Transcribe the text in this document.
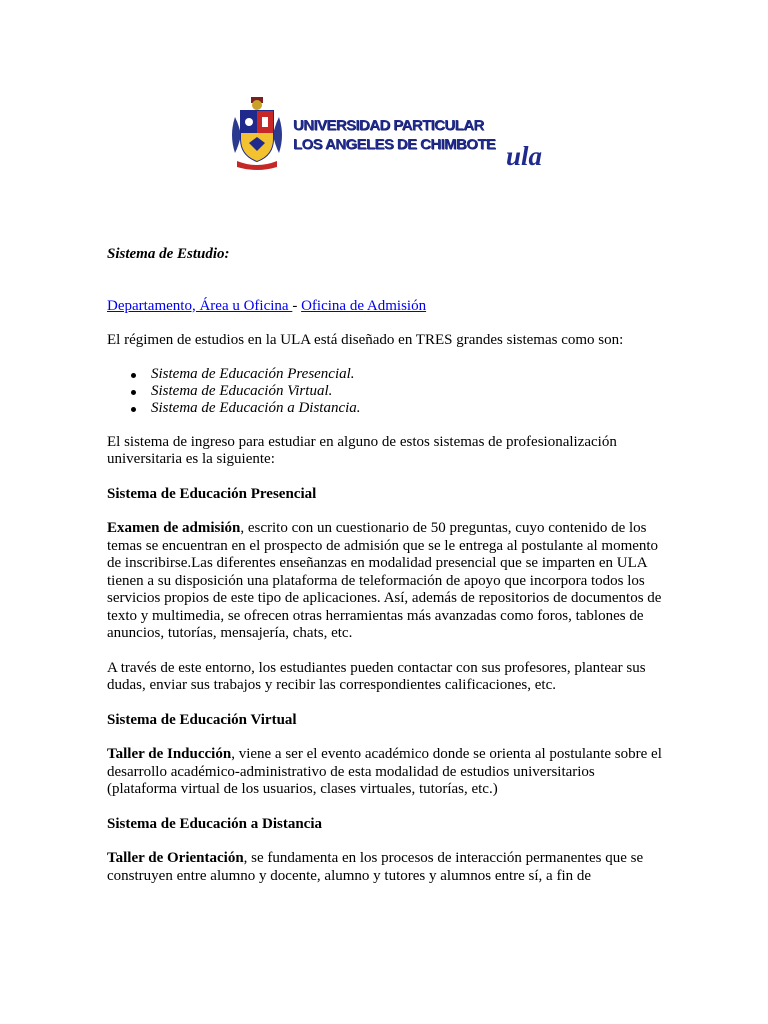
UNIVERSIDAD PARTICULAR
LOS ANGELES DE CHIMBOTE ula

Sistema de Estudio:

Departamento, Área u Oficina - Oficina de Admisión

El régimen de estudios en la ULA está diseñado en TRES grandes sistemas como son:

Sistema de Educación Presencial.
Sistema de Educación Virtual.
Sistema de Educación a Distancia.

El sistema de ingreso para estudiar en alguno de estos sistemas de profesionalización universitaria es la siguiente:

Sistema de Educación Presencial

Examen de admisión, escrito con un cuestionario de 50 preguntas, cuyo contenido de los temas se encuentran en el prospecto de admisión que se le entrega al postulante al momento de inscribirse.Las diferentes enseñanzas en modalidad presencial que se imparten en ULA tienen a su disposición una plataforma de teleformación de apoyo que incorpora todos los servicios propios de este tipo de aplicaciones. Así, además de repositorios de documentos de texto y multimedia, se ofrecen otras herramientas más avanzadas como foros, tablones de anuncios, tutorías, mensajería, chats, etc.

A través de este entorno, los estudiantes pueden contactar con sus profesores, plantear sus dudas, enviar sus trabajos y recibir las correspondientes calificaciones, etc.

Sistema de Educación Virtual

Taller de Inducción, viene a ser el evento académico donde se orienta al postulante sobre el desarrollo académico-administrativo de esta modalidad de estudios universitarios (plataforma virtual de los usuarios, clases virtuales, tutorías, etc.)

Sistema de Educación a Distancia

Taller de Orientación, se fundamenta en los procesos de interacción permanentes que se construyen entre alumno y docente, alumno y tutores y alumnos entre sí, a fin de
